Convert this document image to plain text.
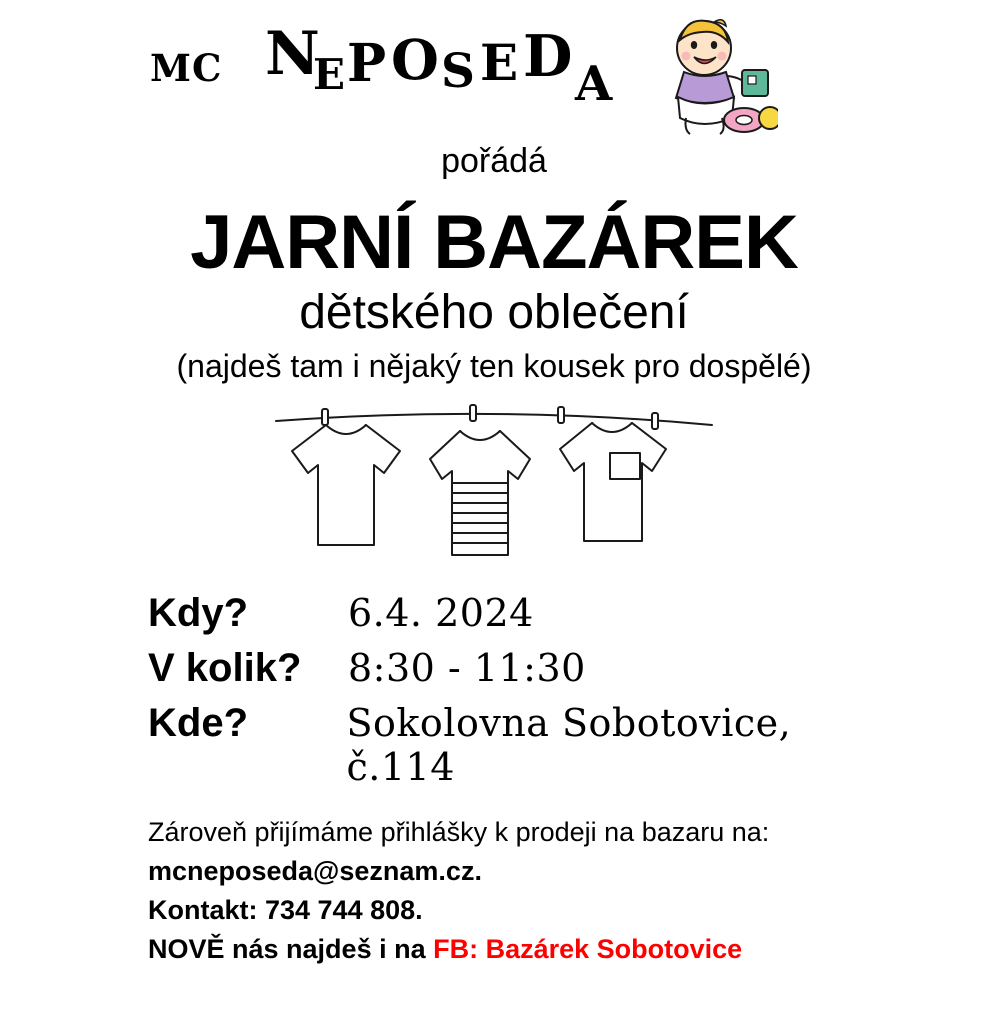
MC N
E P O S E D A
pořádá
JARNÍ BAZÁREK
dětského oblečení
(najdeš tam i nějaký ten kousek pro dospělé)
Kdy?	6.4. 2024
V kolik?	8:30 - 11:30
Kde?	Sokolovna Sobotovice, č.114
Zároveň přijímáme přihlášky k prodeji na bazaru na:
mcneposeda@seznam.cz.
Kontakt: 734 744 808.
NOVĚ nás najdeš i na FB: Bazárek Sobotovice
